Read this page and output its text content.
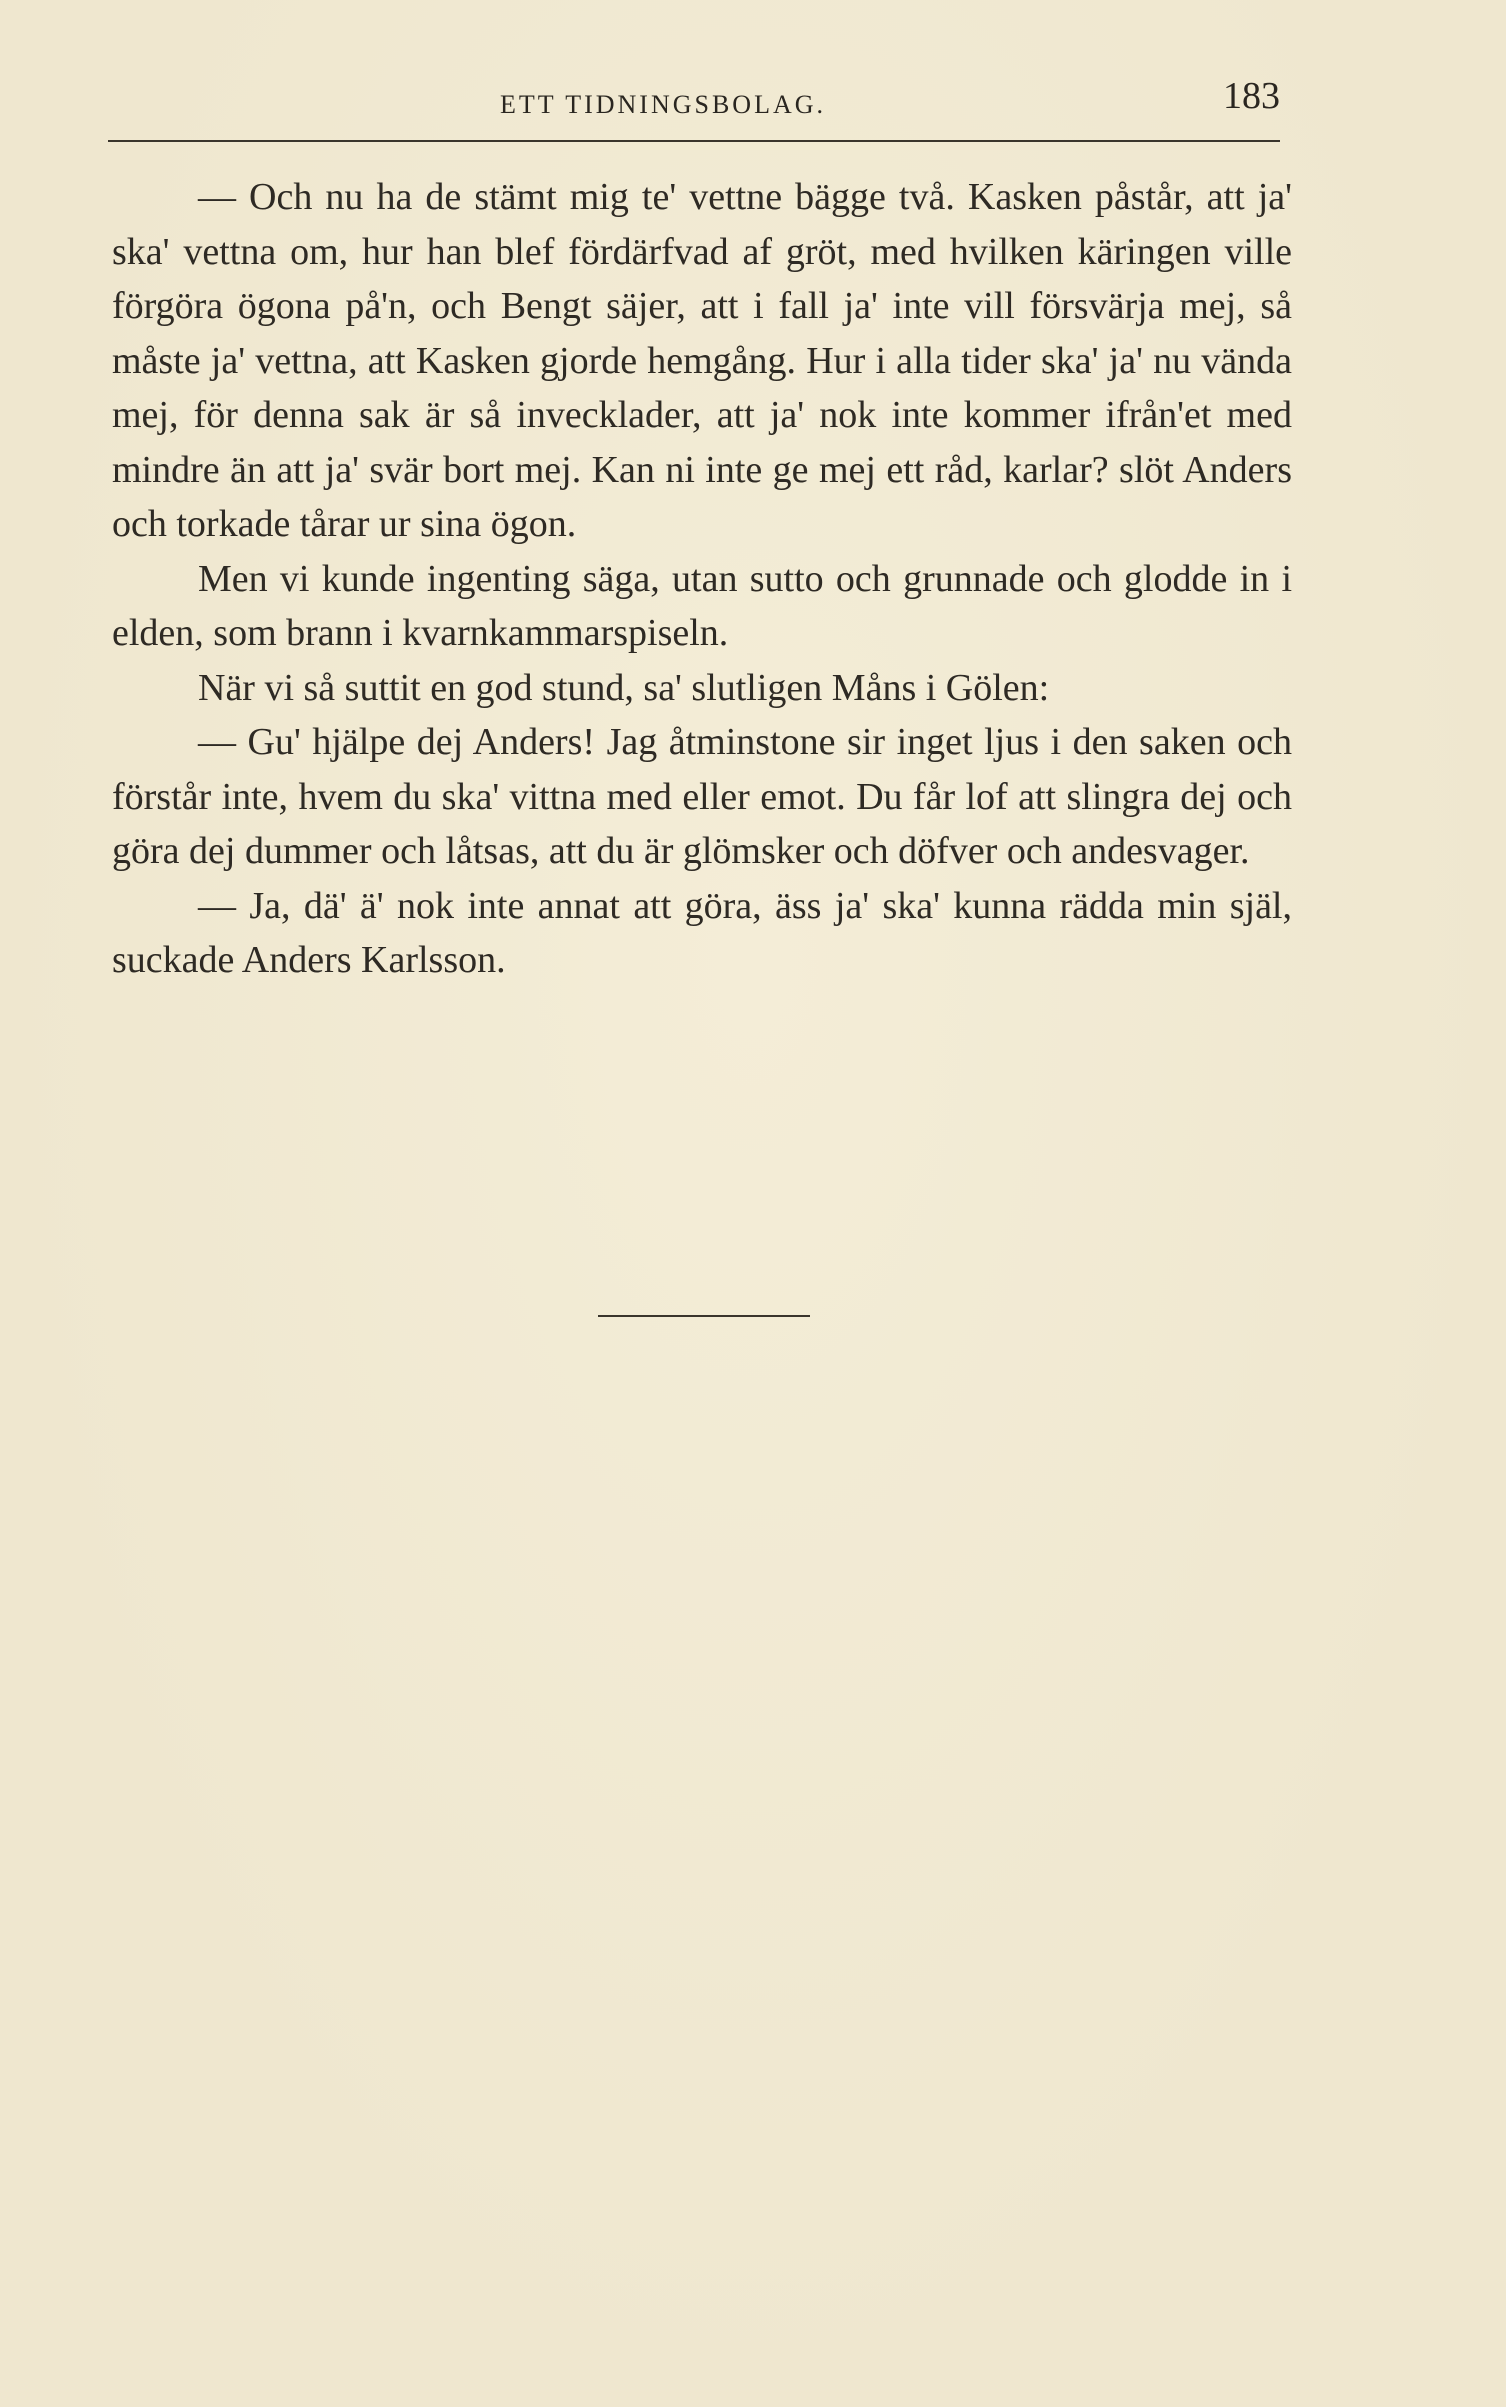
ETT TIDNINGSBOLAG.	183

— Och nu ha de stämt mig te' vettne bägge två. Kasken påstår, att ja' ska' vettna om, hur han blef fördärfvad af gröt, med hvilken käringen ville förgöra ögona på'n, och Bengt säjer, att i fall ja' inte vill försvärja mej, så måste ja' vettna, att Kasken gjorde hemgång. Hur i alla tider ska' ja' nu vända mej, för denna sak är så invecklader, att ja' nok inte kommer ifrån'et med mindre än att ja' svär bort mej. Kan ni inte ge mej ett råd, karlar? slöt Anders och torkade tårar ur sina ögon.

Men vi kunde ingenting säga, utan sutto och grunnade och glodde in i elden, som brann i kvarnkammarspiseln.

När vi så suttit en god stund, sa' slutligen Måns i Gölen:

— Gu' hjälpe dej Anders! Jag åtminstone sir inget ljus i den saken och förstår inte, hvem du ska' vittna med eller emot. Du får lof att slingra dej och göra dej dummer och låtsas, att du är glömsker och döfver och andesvager.

— Ja, dä' ä' nok inte annat att göra, äss ja' ska' kunna rädda min själ, suckade Anders Karlsson.
